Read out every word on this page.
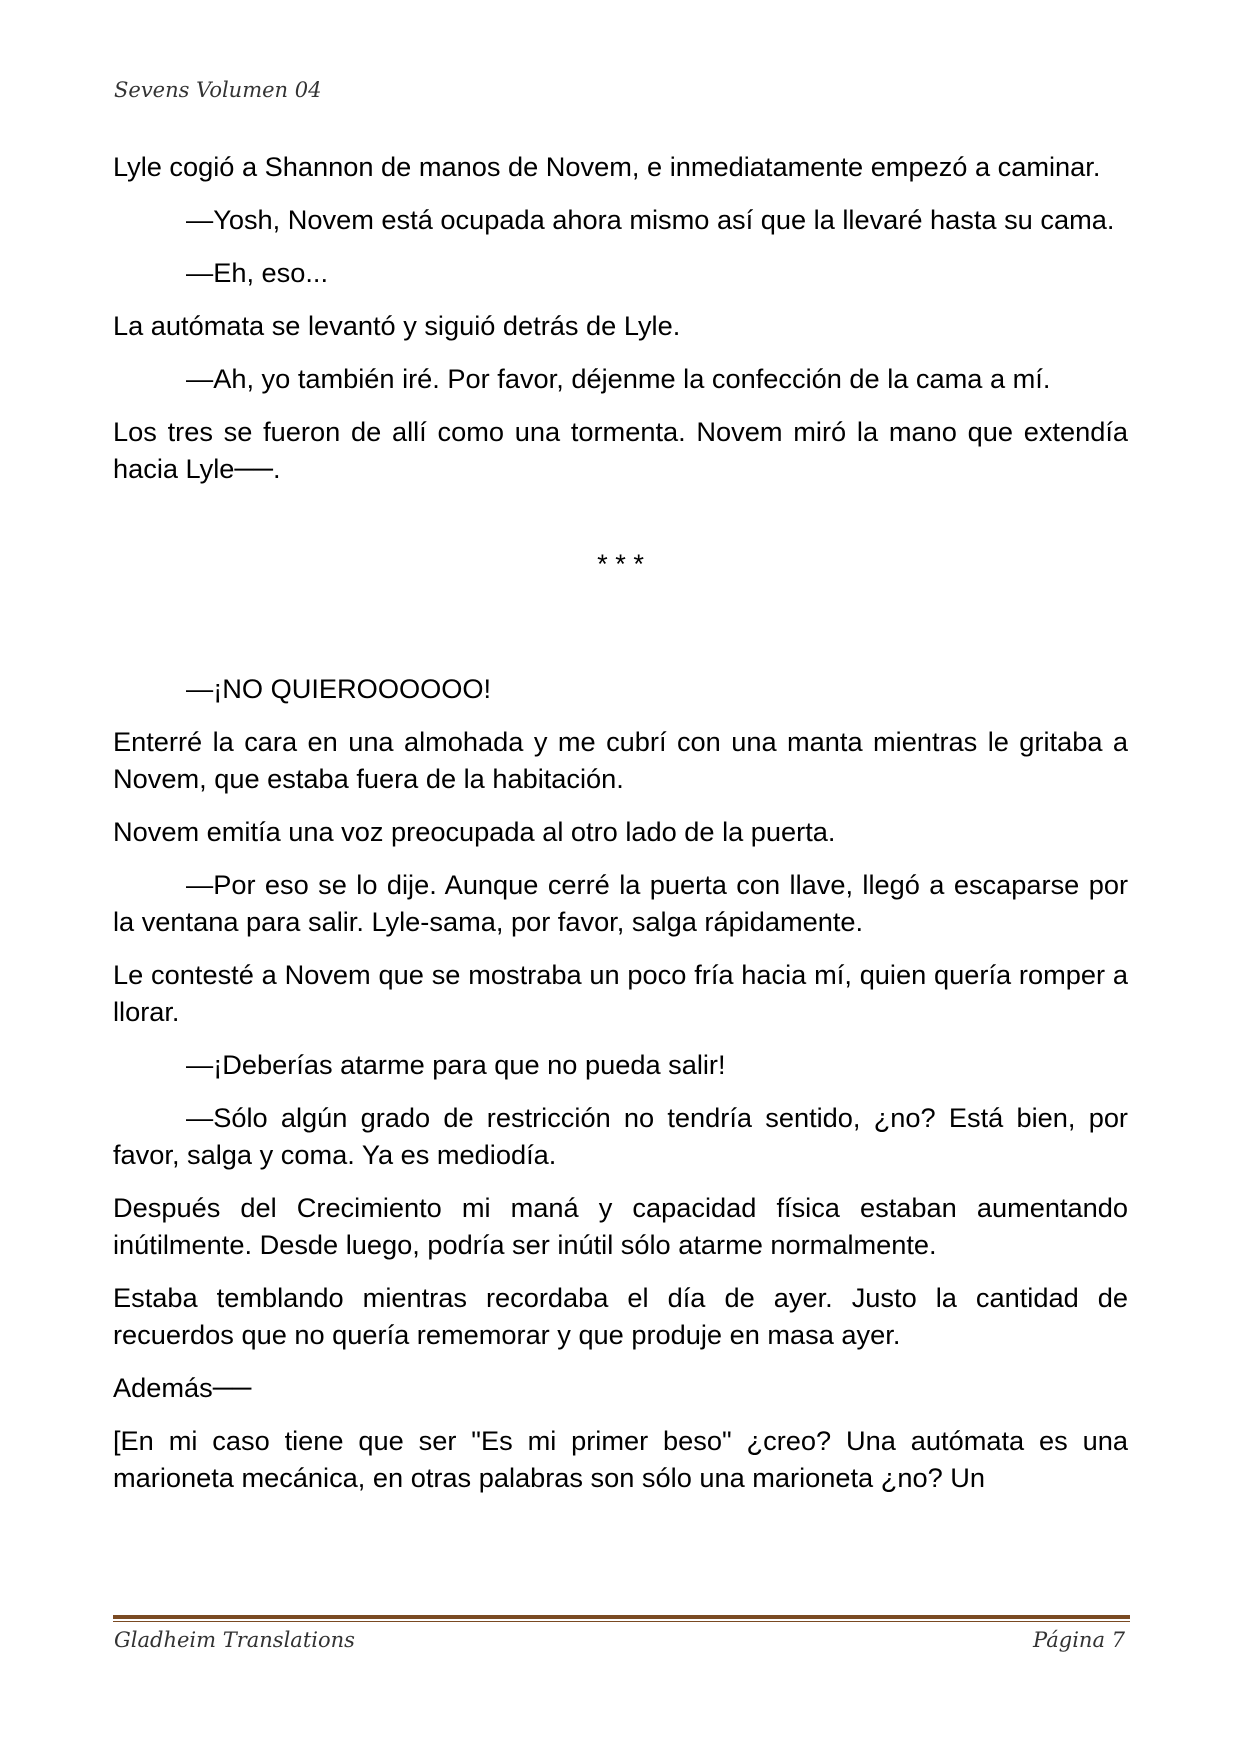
Sevens Volumen 04

Lyle cogió a Shannon de manos de Novem, e inmediatamente empezó a caminar.

—Yosh, Novem está ocupada ahora mismo así que la llevaré hasta su cama.

—Eh, eso...

La autómata se levantó y siguió detrás de Lyle.

—Ah, yo también iré. Por favor, déjenme la confección de la cama a mí.

Los tres se fueron de allí como una tormenta. Novem miró la mano que extendía hacia Lyle──.

* * *

—¡NO QUIEROOOOOO!

Enterré la cara en una almohada y me cubrí con una manta mientras le gritaba a Novem, que estaba fuera de la habitación.

Novem emitía una voz preocupada al otro lado de la puerta.

—Por eso se lo dije. Aunque cerré la puerta con llave, llegó a escaparse por la ventana para salir. Lyle-sama, por favor, salga rápidamente.

Le contesté a Novem que se mostraba un poco fría hacia mí, quien quería romper a llorar.

—¡Deberías atarme para que no pueda salir!

—Sólo algún grado de restricción no tendría sentido, ¿no? Está bien, por favor, salga y coma. Ya es mediodía.

Después del Crecimiento mi maná y capacidad física estaban aumentando inútilmente. Desde luego, podría ser inútil sólo atarme normalmente.

Estaba temblando mientras recordaba el día de ayer. Justo la cantidad de recuerdos que no quería rememorar y que produje en masa ayer.

Además──

[En mi caso tiene que ser "Es mi primer beso" ¿creo? Una autómata es una marioneta mecánica, en otras palabras son sólo una marioneta ¿no? Un

Gladheim Translations	Página 7
